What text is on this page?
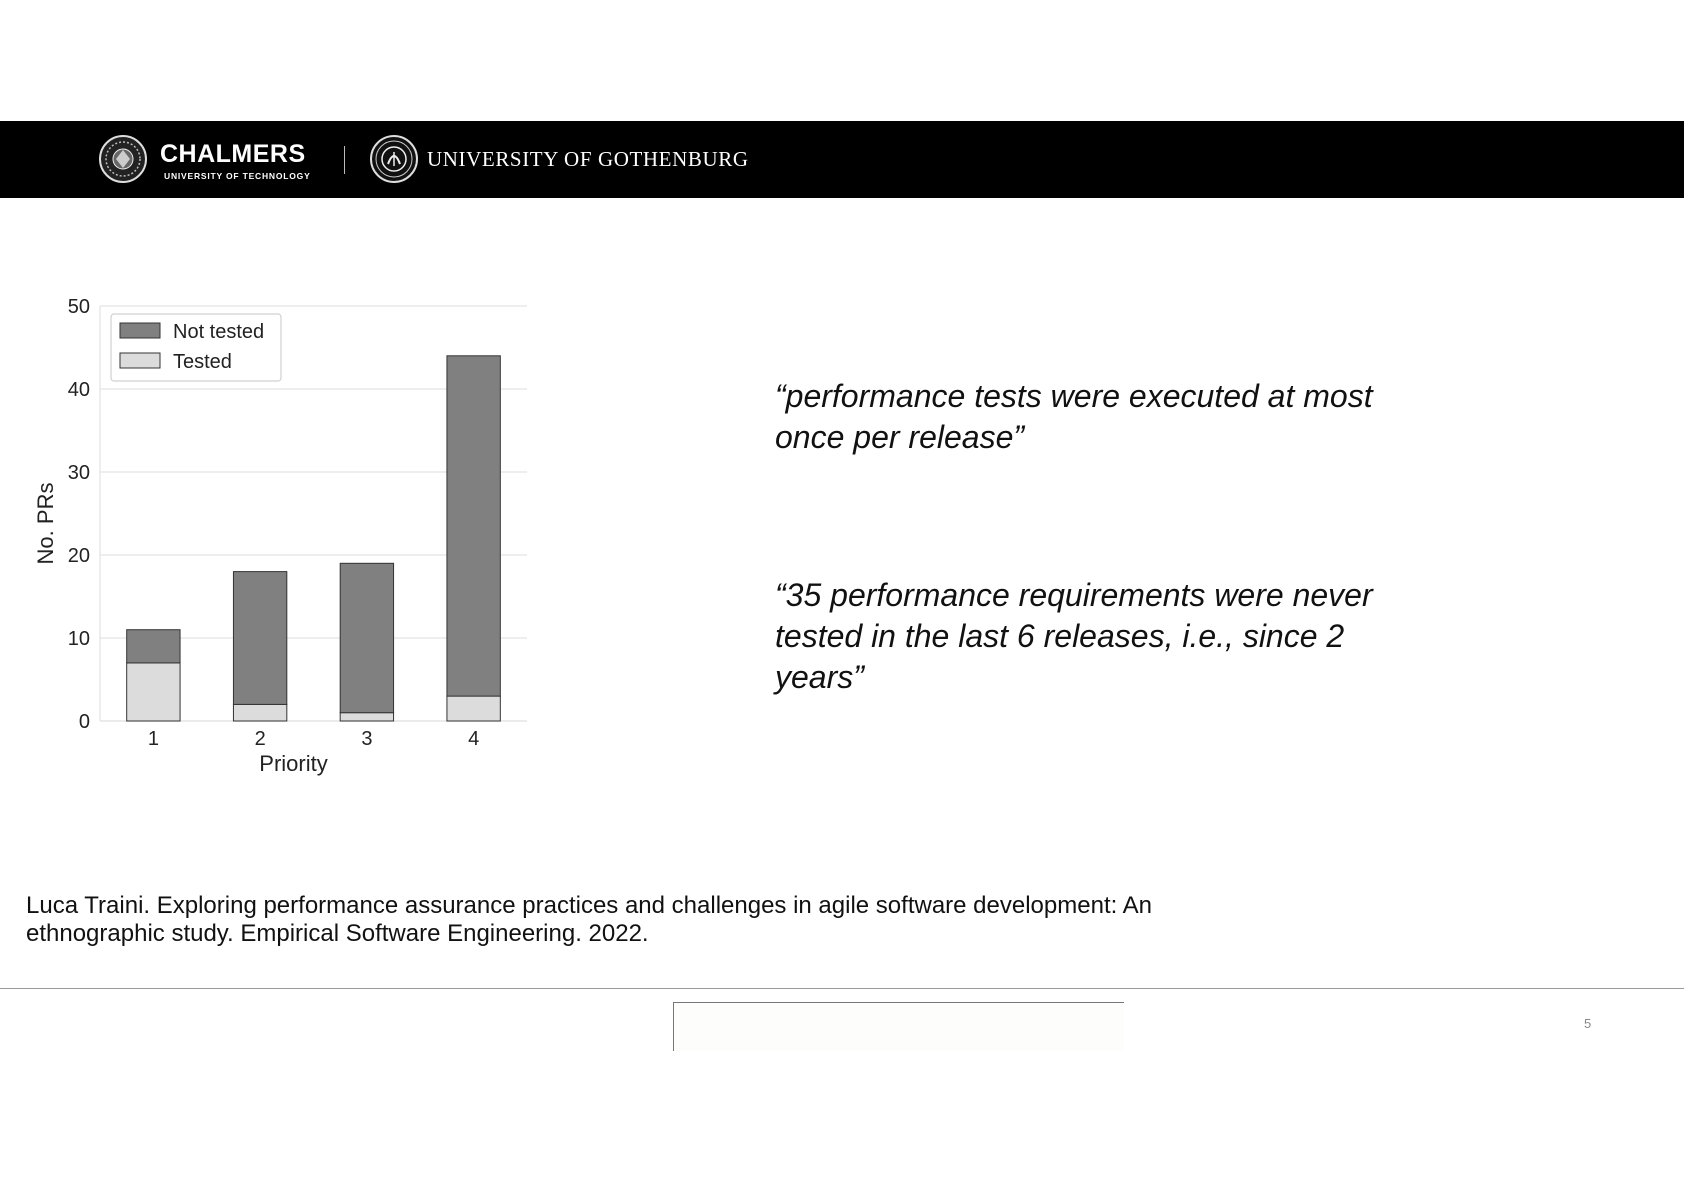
CHALMERS
UNIVERSITY OF TECHNOLOGY
UNIVERSITY OF GOTHENBURG
0
10
20
30
40
50
1	2	3	4
Priority
No. PRs
Not tested
Tested
“performance tests were executed at most
once per release”
“35 performance requirements were never
tested in the last 6 releases, i.e., since 2
years”
Luca Traini. Exploring performance assurance practices and challenges in agile software development: An
ethnographic study. Empirical Software Engineering. 2022.
5
